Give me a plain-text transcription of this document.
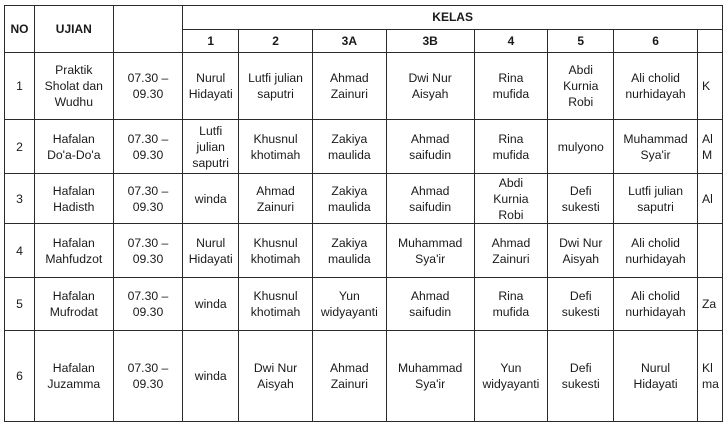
NO	UJIAN		KELAS							
			1	2	3A	3B	4	5	6	
1	Praktik
Sholat dan
Wudhu	07.30 –
09.30	Nurul
Hidayati	Lutfi julian
saputri	Ahmad
Zainuri	Dwi Nur
Aisyah	Rina
mufida	Abdi
Kurnia
Robi	Ali cholid
nurhidayah	K
2	Hafalan
Do'a-Do'a	07.30 –
09.30	Lutfi
julian
saputri	Khusnul
khotimah	Zakiya
maulida	Ahmad
saifudin	Rina
mufida	mulyono	Muhammad
Sya'ir	Al
M
3	Hafalan
Hadisth	07.30 –
09.30	winda	Ahmad
Zainuri	Zakiya
maulida	Ahmad
saifudin	Abdi
Kurnia
Robi	Defi
sukesti	Lutfi julian
saputri	Al
4	Hafalan
Mahfudzot	07.30 –
09.30	Nurul
Hidayati	Khusnul
khotimah	Zakiya
maulida	Muhammad
Sya'ir	Ahmad
Zainuri	Dwi Nur
Aisyah	Ali cholid
nurhidayah	
5	Hafalan
Mufrodat	07.30 –
09.30	winda	Khusnul
khotimah	Yun
widyayanti	Ahmad
saifudin	Rina
mufida	Defi
sukesti	Ali cholid
nurhidayah	Za
6	Hafalan
Juzamma	07.30 –
09.30	winda	Dwi Nur
Aisyah	Ahmad
Zainuri	Muhammad
Sya'ir	Yun
widyayanti	Defi
sukesti	Nurul
Hidayati	Kl
ma
